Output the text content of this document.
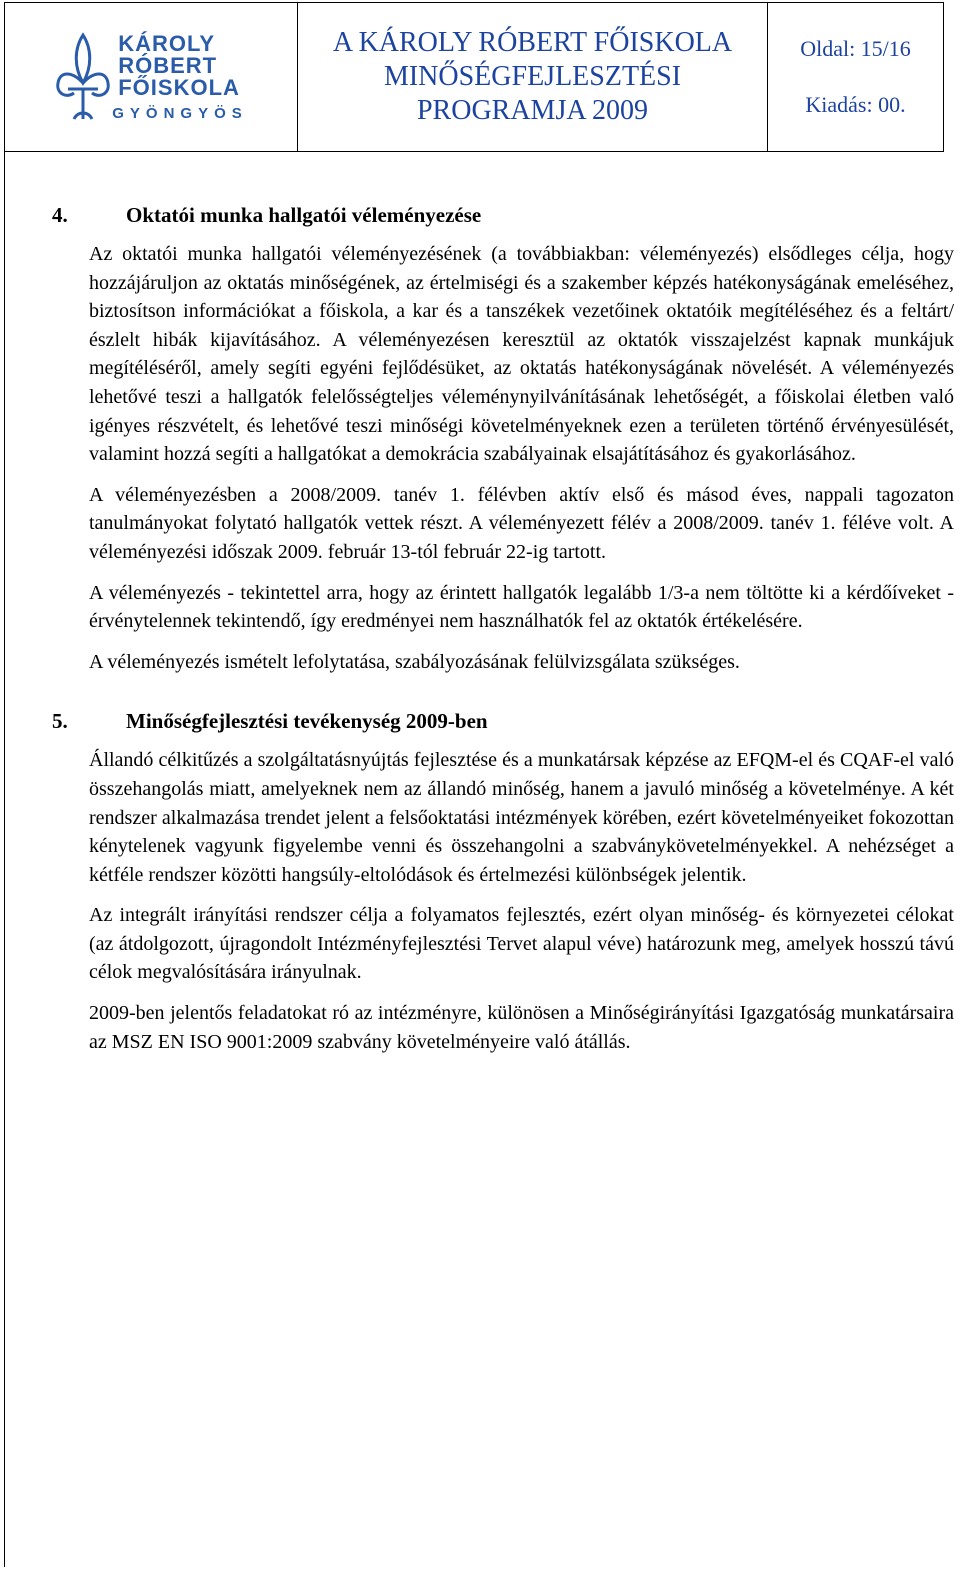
KÁROLY
RÓBERT
FŐISKOLA
GYÖNGYÖS
A KÁROLY RÓBERT FŐISKOLA
MINŐSÉGFEJLESZTÉSI
PROGRAMJA 2009
Oldal: 15/16
Kiadás: 00.
4.	Oktatói munka hallgatói véleményezése

Az oktatói munka hallgatói véleményezésének (a továbbiakban: véleményezés) elsődleges célja, hogy hozzájáruljon az oktatás minőségének, az értelmiségi és a szakember képzés hatékonyságának emeléséhez, biztosítson információkat a főiskola, a kar és a tanszékek vezetőinek oktatóik megítéléséhez és a feltárt/észlelt hibák kijavításához. A véleményezésen keresztül az oktatók visszajelzést kapnak munkájuk megítéléséről, amely segíti egyéni fejlődésüket, az oktatás hatékonyságának növelését. A véleményezés lehetővé teszi a hallgatók felelősségteljes véleménynyilvánításának lehetőségét, a főiskolai életben való igényes részvételt, és lehetővé teszi minőségi követelményeknek ezen a területen történő érvényesülését, valamint hozzá segíti a hallgatókat a demokrácia szabályainak elsajátításához és gyakorlásához.

A véleményezésben a 2008/2009. tanév 1. félévben aktív első és másod éves, nappali tagozaton tanulmányokat folytató hallgatók vettek részt. A véleményezett félév a 2008/2009. tanév 1. féléve volt. A véleményezési időszak 2009. február 13-tól február 22-ig tartott.

A véleményezés - tekintettel arra, hogy az érintett hallgatók legalább 1/3-a nem töltötte ki a kérdőíveket - érvénytelennek tekintendő, így eredményei nem használhatók fel az oktatók értékelésére.

A véleményezés ismételt lefolytatása, szabályozásának felülvizsgálata szükséges.

5.	Minőségfejlesztési tevékenység 2009-ben

Állandó célkitűzés a szolgáltatásnyújtás fejlesztése és a munkatársak képzése az EFQM-el és CQAF-el való összehangolás miatt, amelyeknek nem az állandó minőség, hanem a javuló minőség a követelménye. A két rendszer alkalmazása trendet jelent a felsőoktatási intézmények körében, ezért követelményeiket fokozottan kénytelenek vagyunk figyelembe venni és összehangolni a szabványkövetelményekkel. A nehézséget a kétféle rendszer közötti hangsúly-eltolódások és értelmezési különbségek jelentik.

Az integrált irányítási rendszer célja a folyamatos fejlesztés, ezért olyan minőség- és környezetei célokat (az átdolgozott, újragondolt Intézményfejlesztési Tervet alapul véve) határozunk meg, amelyek hosszú távú célok megvalósítására irányulnak.

2009-ben jelentős feladatokat ró az intézményre, különösen a Minőségirányítási Igazgatóság munkatársaira az MSZ EN ISO 9001:2009 szabvány követelményeire való átállás.
